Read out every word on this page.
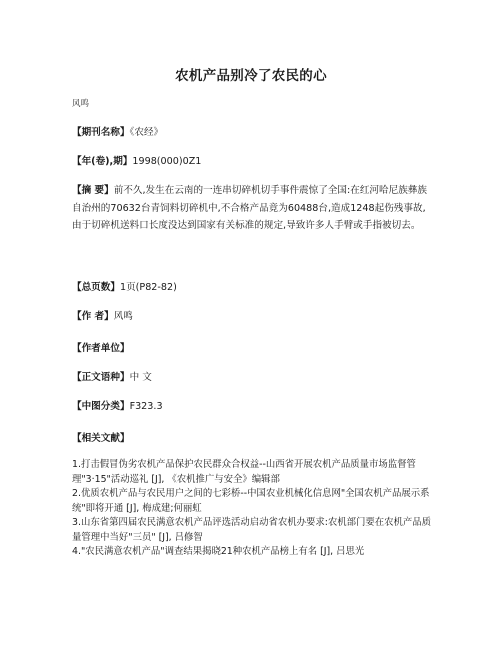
农机产品别冷了农民的心
风鸣
【期刊名称】《农经》
【年(卷),期】1998(000)0Z1
【摘 要】前不久,发生在云南的一连串切碎机切手事件震惊了全国:在红河哈尼族彝族自治州的70632台青饲料切碎机中,不合格产品竟为60488台,造成1248起伤残事故,由于切碎机送料口长度没达到国家有关标准的规定,导致许多人手臂或手指被切去。
【总页数】1页(P82-82)
【作 者】风鸣
【作者单位】
【正文语种】中 文
【中图分类】F323.3
【相关文献】

1.打击假冒伪劣农机产品保护农民群众合权益--山西省开展农机产品质量市场监督管理"3·15"活动巡礼 [J], 《农机推广与安全》编辑部

2.优质农机产品与农民用户之间的七彩桥--中国农业机械化信息网"全国农机产品展示系统"即将开通 [J], 梅成建;何丽虹

3.山东省第四届农民满意农机产品评选活动启动省农机办要求:农机部门要在农机产品质量管理中当好"三员" [J], 吕修智

4."农民满意农机产品"调查结果揭晓21种农机产品榜上有名 [J], 吕思光
